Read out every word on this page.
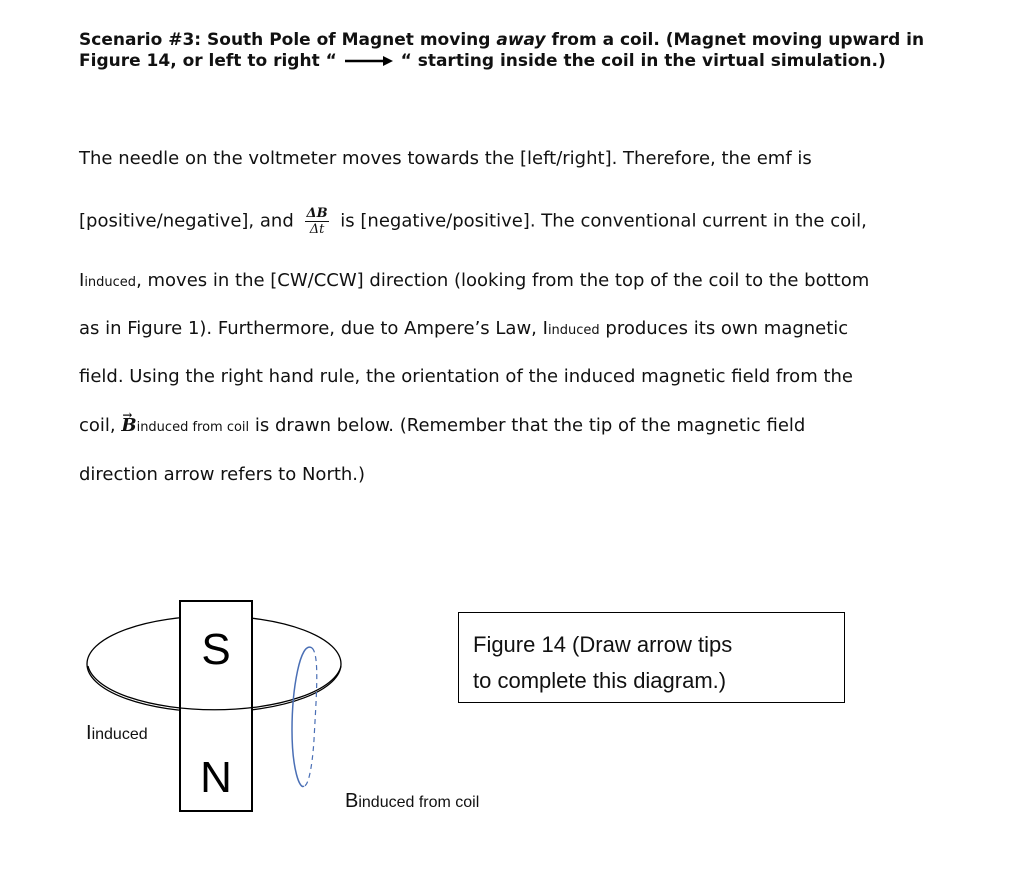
Scenario #3: South Pole of Magnet moving away from a coil. (Magnet moving upward in Figure 14, or left to right “	“ starting inside the coil in the virtual simulation.)
The needle on the voltmeter moves towards the [left/right]. Therefore, the emf is
[positive/negative], and $\frac{\Delta B}{\Delta t}$ is [negative/positive]. The conventional current in the coil,
Iinduced, moves in the [CW/CCW] direction (looking from the top of the coil to the bottom
as in Figure 1). Furthermore, due to Ampere’s Law, Iinduced produces its own magnetic
field. Using the right hand rule, the orientation of the induced magnetic field from the
coil, → Binduced from coil is drawn below. (Remember that the tip of the magnetic field
direction arrow refers to North.)
S
N
Iinduced
Binduced from coil
Figure 14 (Draw arrow tips
to complete this diagram.)
